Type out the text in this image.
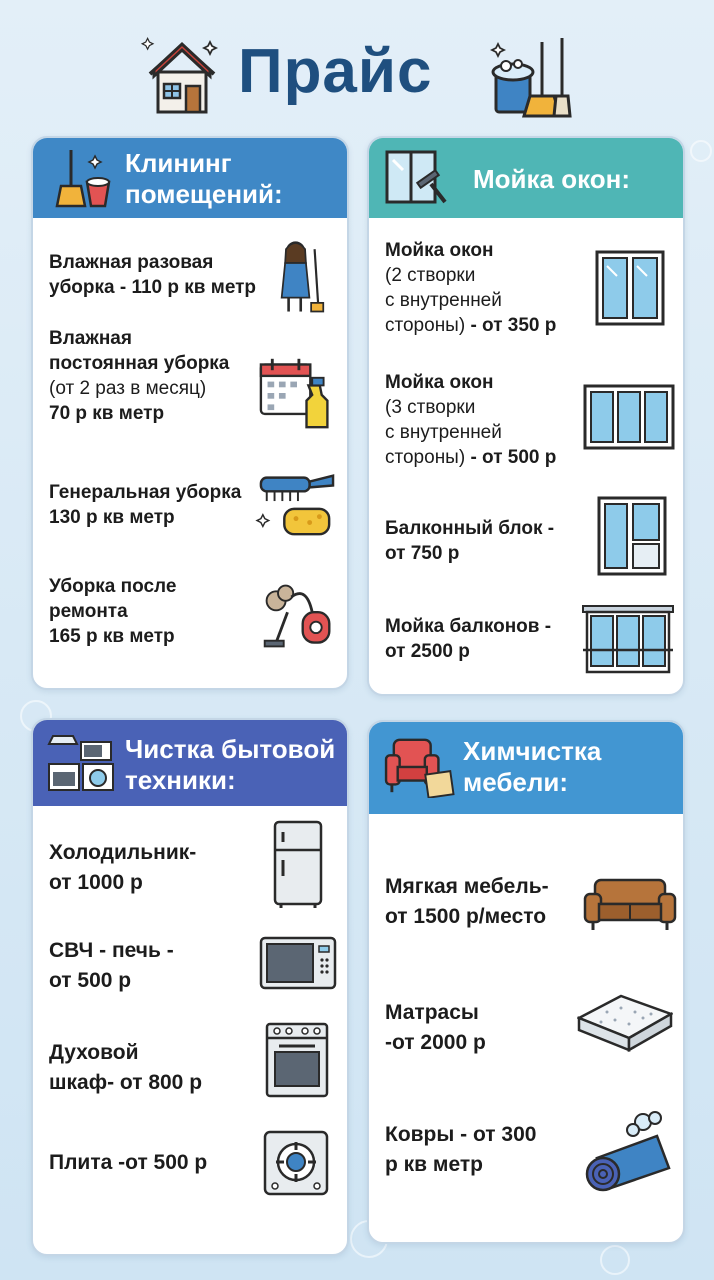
Прайс
Клининг
помещений:
Влажная разовая
уборка - 110 р кв метр
Влажная
постоянная уборка
(от 2 раз в месяц)
70 р кв метр
Генеральная уборка
130 р кв метр
Уборка после
ремонта
165 р кв метр
Мойка окон:
Мойка окон
(2 створки
с внутренней
стороны) - от 350 р
Мойка окон
(3 створки
с внутренней
стороны) - от 500 р
Балконный блок -
от 750 р
Мойка балконов -
от 2500 р
Чистка бытовой
техники:
Холодильник-
от 1000 р
СВЧ - печь -
от 500 р
Духовой
шкаф- от 800 р
Плита -от 500 р
Химчистка
мебели:
Мягкая мебель-
от 1500 р/место
Матрасы
-от 2000 р
Ковры - от 300
р кв метр
